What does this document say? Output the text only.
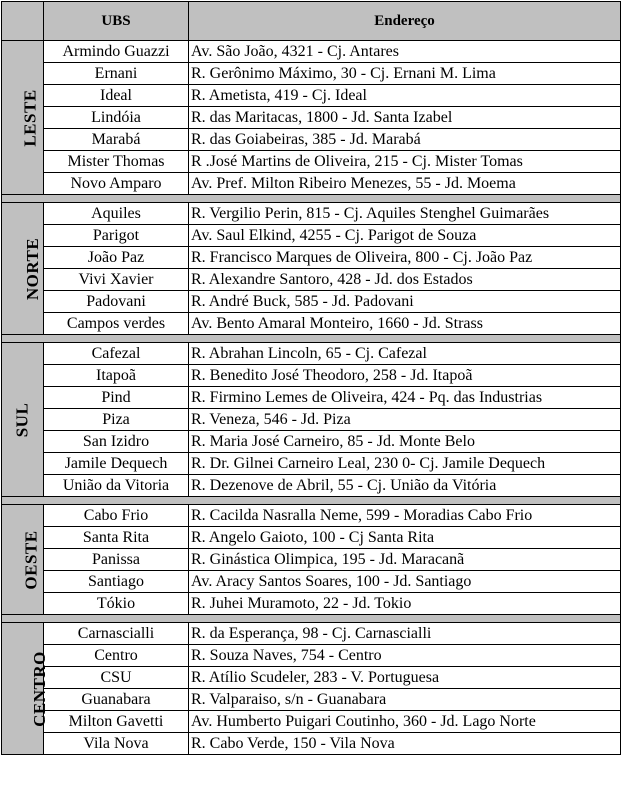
	UBS	Endereço
LESTE	Armindo Guazzi	Av. São João, 4321 - Cj. Antares
	Ernani	R. Gerônimo Máximo, 30 - Cj. Ernani M. Lima
	Ideal	R. Ametista, 419 - Cj. Ideal
	Lindóia	R. das Maritacas, 1800 - Jd. Santa Izabel
	Marabá	R. das Goiabeiras, 385 - Jd. Marabá
	Mister Thomas	R .José Martins de Oliveira, 215 - Cj. Mister Tomas
	Novo Amparo	Av. Pref. Milton Ribeiro Menezes, 55 - Jd. Moema

NORTE	Aquiles	R. Vergilio Perin, 815 - Cj. Aquiles Stenghel Guimarães
	Parigot	Av. Saul Elkind, 4255 - Cj. Parigot de Souza
	João Paz	R. Francisco Marques de Oliveira, 800 - Cj. João Paz
	Vivi Xavier	R. Alexandre Santoro, 428 - Jd. dos Estados
	Padovani	R. André Buck, 585 - Jd. Padovani
	Campos verdes	Av. Bento Amaral Monteiro, 1660 - Jd. Strass

SUL	Cafezal	R. Abrahan Lincoln, 65 - Cj. Cafezal
	Itapoã	R. Benedito José Theodoro, 258 - Jd. Itapoã
	Pind	R. Firmino Lemes de Oliveira, 424 - Pq. das Industrias
	Piza	R. Veneza, 546 - Jd. Piza
	San Izidro	R. Maria José Carneiro, 85 - Jd. Monte Belo
	Jamile Dequech	R. Dr. Gilnei Carneiro Leal, 230 0- Cj. Jamile Dequech
	União da Vitoria	R. Dezenove de Abril, 55 - Cj. União da Vitória

OESTE	Cabo Frio	R. Cacilda Nasralla Neme, 599 - Moradias Cabo Frio
	Santa Rita	R. Angelo Gaioto, 100 - Cj Santa Rita
	Panissa	R. Ginástica Olimpica, 195 - Jd. Maracanã
	Santiago	Av. Aracy Santos Soares, 100 - Jd. Santiago
	Tókio	R. Juhei Muramoto, 22 - Jd. Tokio

CENTRO	Carnascialli	R. da Esperança, 98 - Cj. Carnascialli
	Centro	R. Souza Naves, 754 - Centro
	CSU	R. Atílio Scudeler, 283 - V. Portuguesa
	Guanabara	R. Valparaiso, s/n - Guanabara
	Milton Gavetti	Av. Humberto Puigari Coutinho, 360 - Jd. Lago Norte
	Vila Nova	R. Cabo Verde, 150 - Vila Nova
